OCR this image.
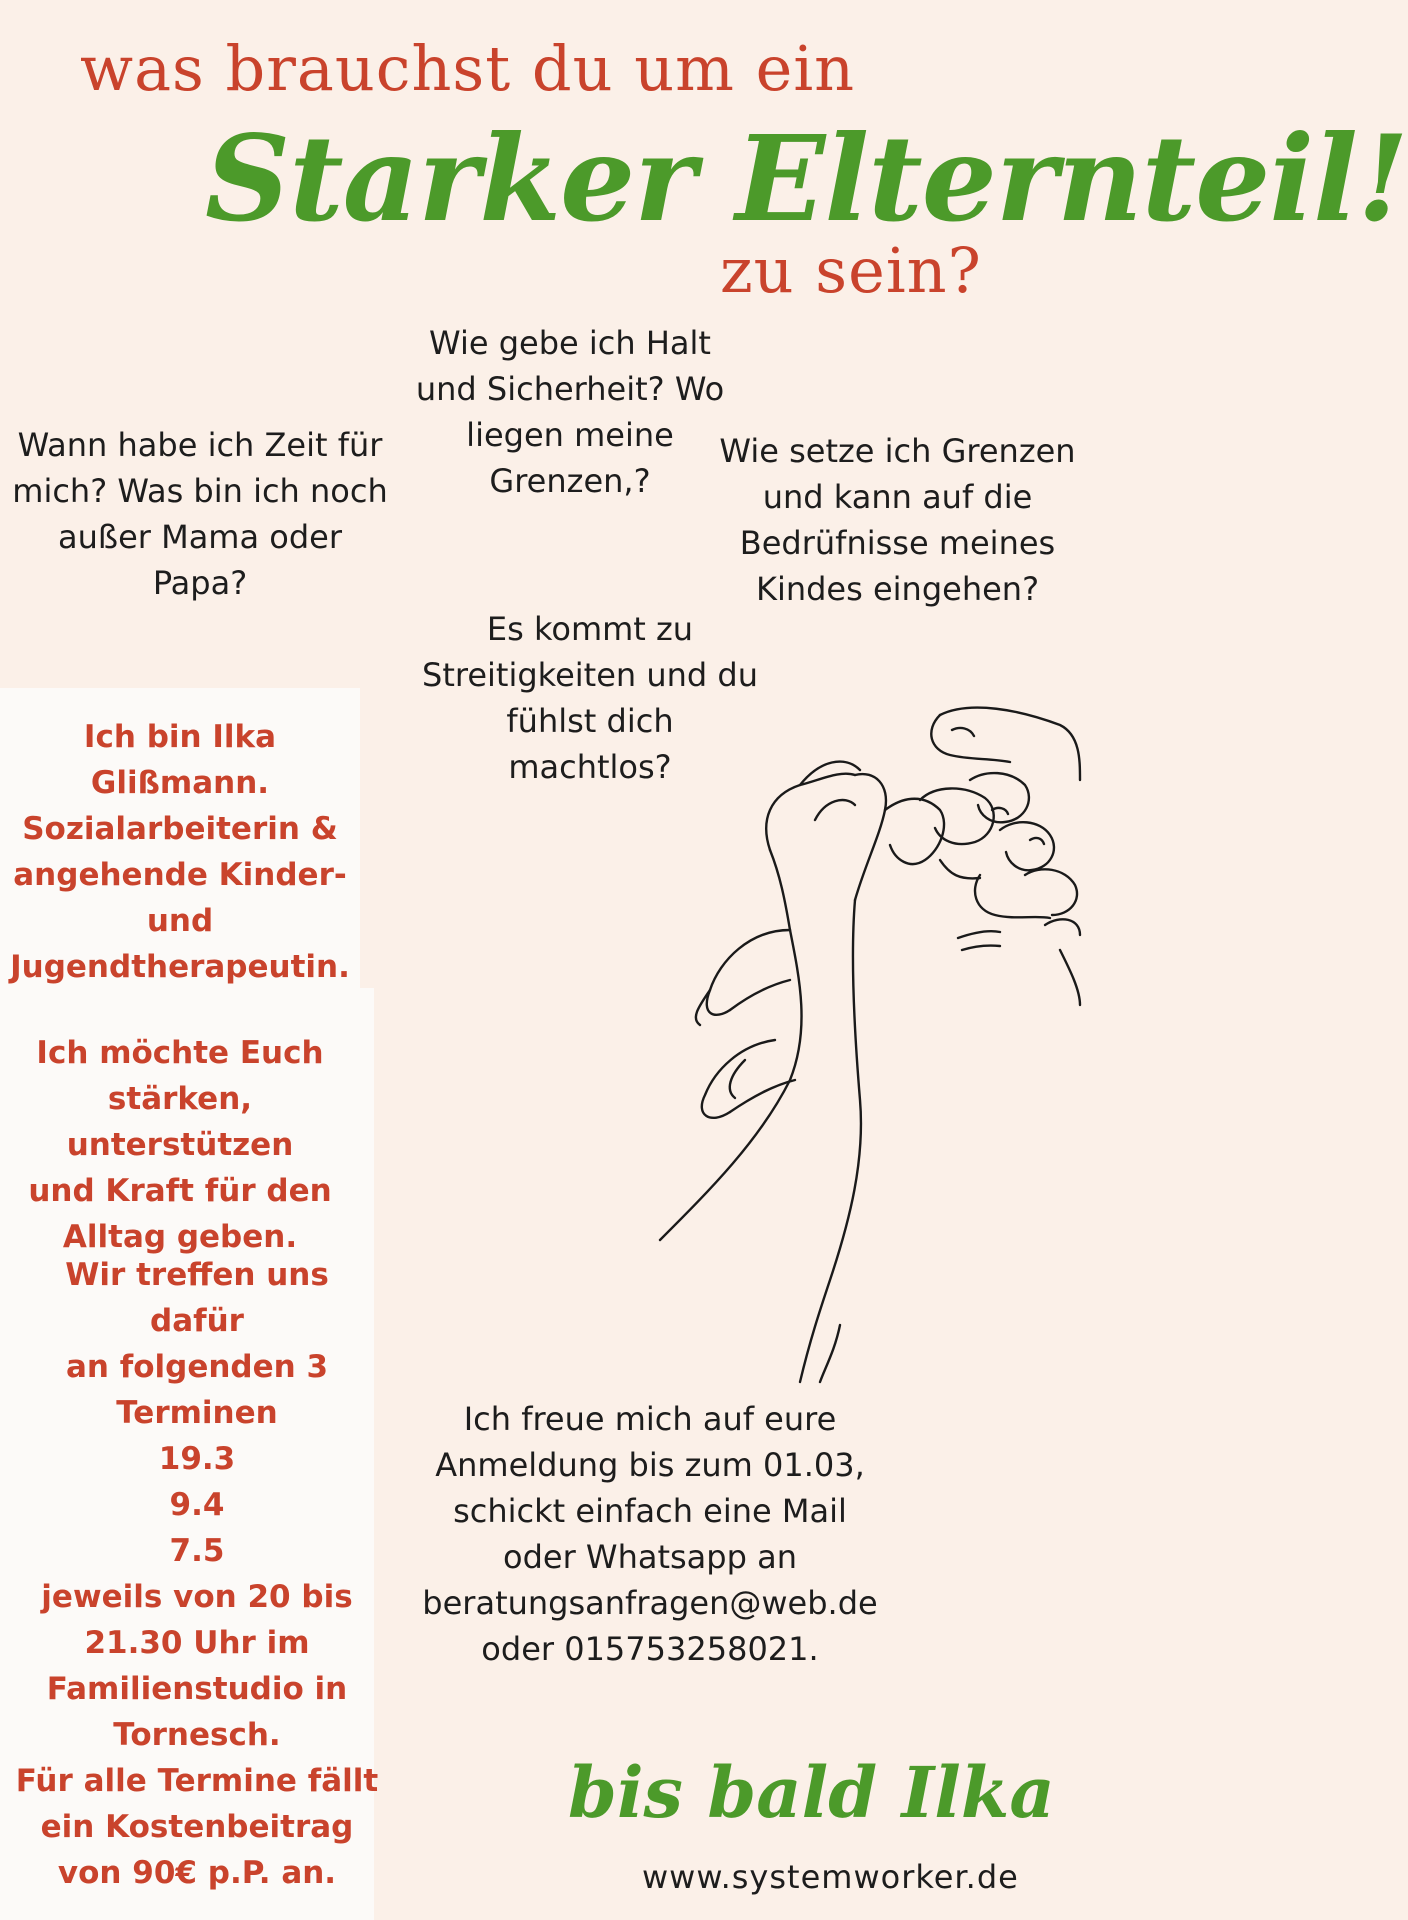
was brauchst du um ein
Starker Elternteil!
zu sein?
Wann habe ich Zeit für
mich? Was bin ich noch
außer Mama oder
Papa?
Wie gebe ich Halt
und Sicherheit? Wo
liegen meine
Grenzen,?
Wie setze ich Grenzen
und kann auf die
Bedrüfnisse meines
Kindes eingehen?
Es kommt zu
Streitigkeiten und du
fühlst dich machtlos?
Ich bin Ilka Glißmann.
Sozialarbeiterin &
angehende Kinder-
und
Jugendtherapeutin.
Ich möchte Euch
stärken, unterstützen
und Kraft für den
Alltag geben.
Wir treffen uns dafür
an folgenden 3
Terminen
19.3
9.4
7.5
jeweils von 20 bis
21.30 Uhr im
Familienstudio in
Tornesch.
Für alle Termine fällt
ein Kostenbeitrag
von 90€ p.P. an.
Ich freue mich auf eure
Anmeldung bis zum 01.03,
schickt einfach eine Mail
oder Whatsapp an
beratungsanfragen@web.de
oder 015753258021.
bis bald Ilka
www.systemworker.de
